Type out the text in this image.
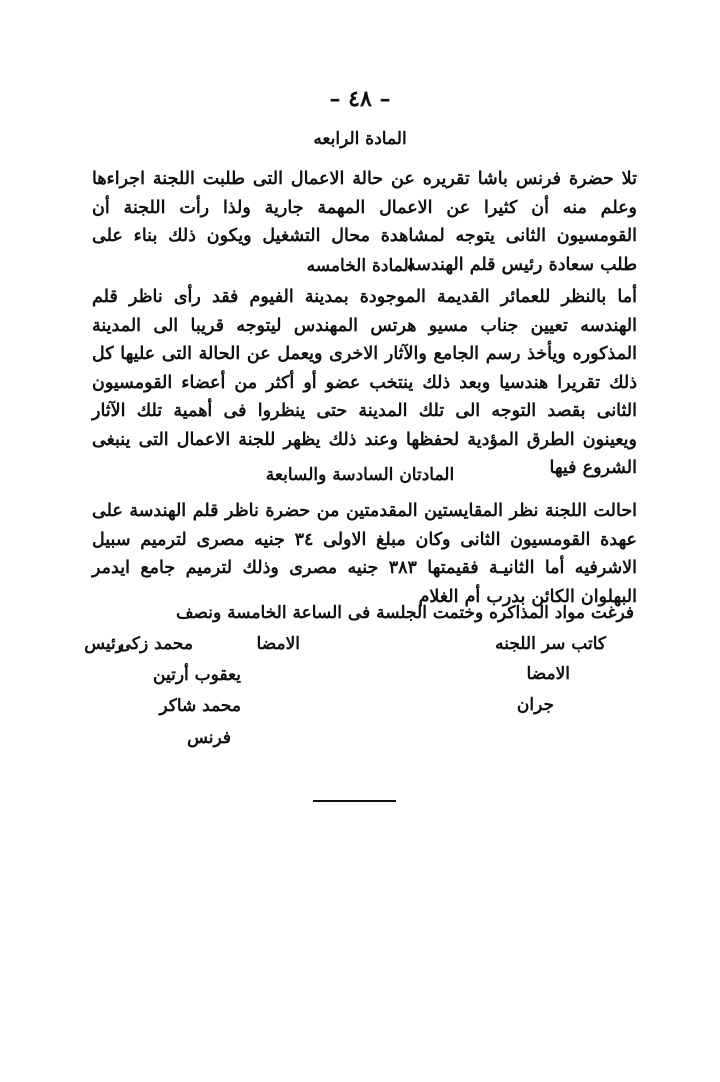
– ٤٨ –
المادة الرابعه
تلا حضرة فرنس باشا تقريره عن حالة الاعمال التى طلبت اللجنة اجراءها وعلم منه أن كثيرا عن الاعمال المهمة جارية ولذا رأت اللجنة أن القومسيون الثانى يتوجه لمشاهدة محال التشغيل ويكون ذلك بناء على طلب سعادة رئيس قلم الهندسه
المادة الخامسه
أما بالنظر للعمائر القديمة الموجودة بمدينة الفيوم فقد رأى ناظر قلم الهندسه تعيين جناب مسيو هرتس المهندس ليتوجه قريبا الى المدينة المذكوره ويأخذ رسم الجامع والآثار الاخرى ويعمل عن الحالة التى عليها كل ذلك تقريرا هندسيا وبعد ذلك ينتخب عضو أو أكثر من أعضاء القومسيون الثانى بقصد التوجه الى تلك المدينة حتى ينظروا فى أهمية تلك الآثار ويعينون الطرق المؤدية لحفظها وعند ذلك يظهر للجنة الاعمال التى ينبغى الشروع فيها
المادتان السادسة والسابعة
احالت اللجنة نظر المقايستين المقدمتين من حضرة ناظر قلم الهندسة على عهدة القومسيون الثانى وكان مبلغ الاولى ٣٤ جنيه مصرى لترميم سبيل الاشرفيه أما الثانيـة فقيمتها ٣٨٣ جنيه مصرى وذلك لترميم جامع ايدمر البهلوان الكائن بدرب أم الغلام
فرغت مواد المذاكره وختمت الجلسة فى الساعة الخامسة ونصف
الامضا
محمد زكى
رئيس
يعقوب أرتين
محمد شاكر
فرنس
كاتب سر اللجنه
الامضا
جران
